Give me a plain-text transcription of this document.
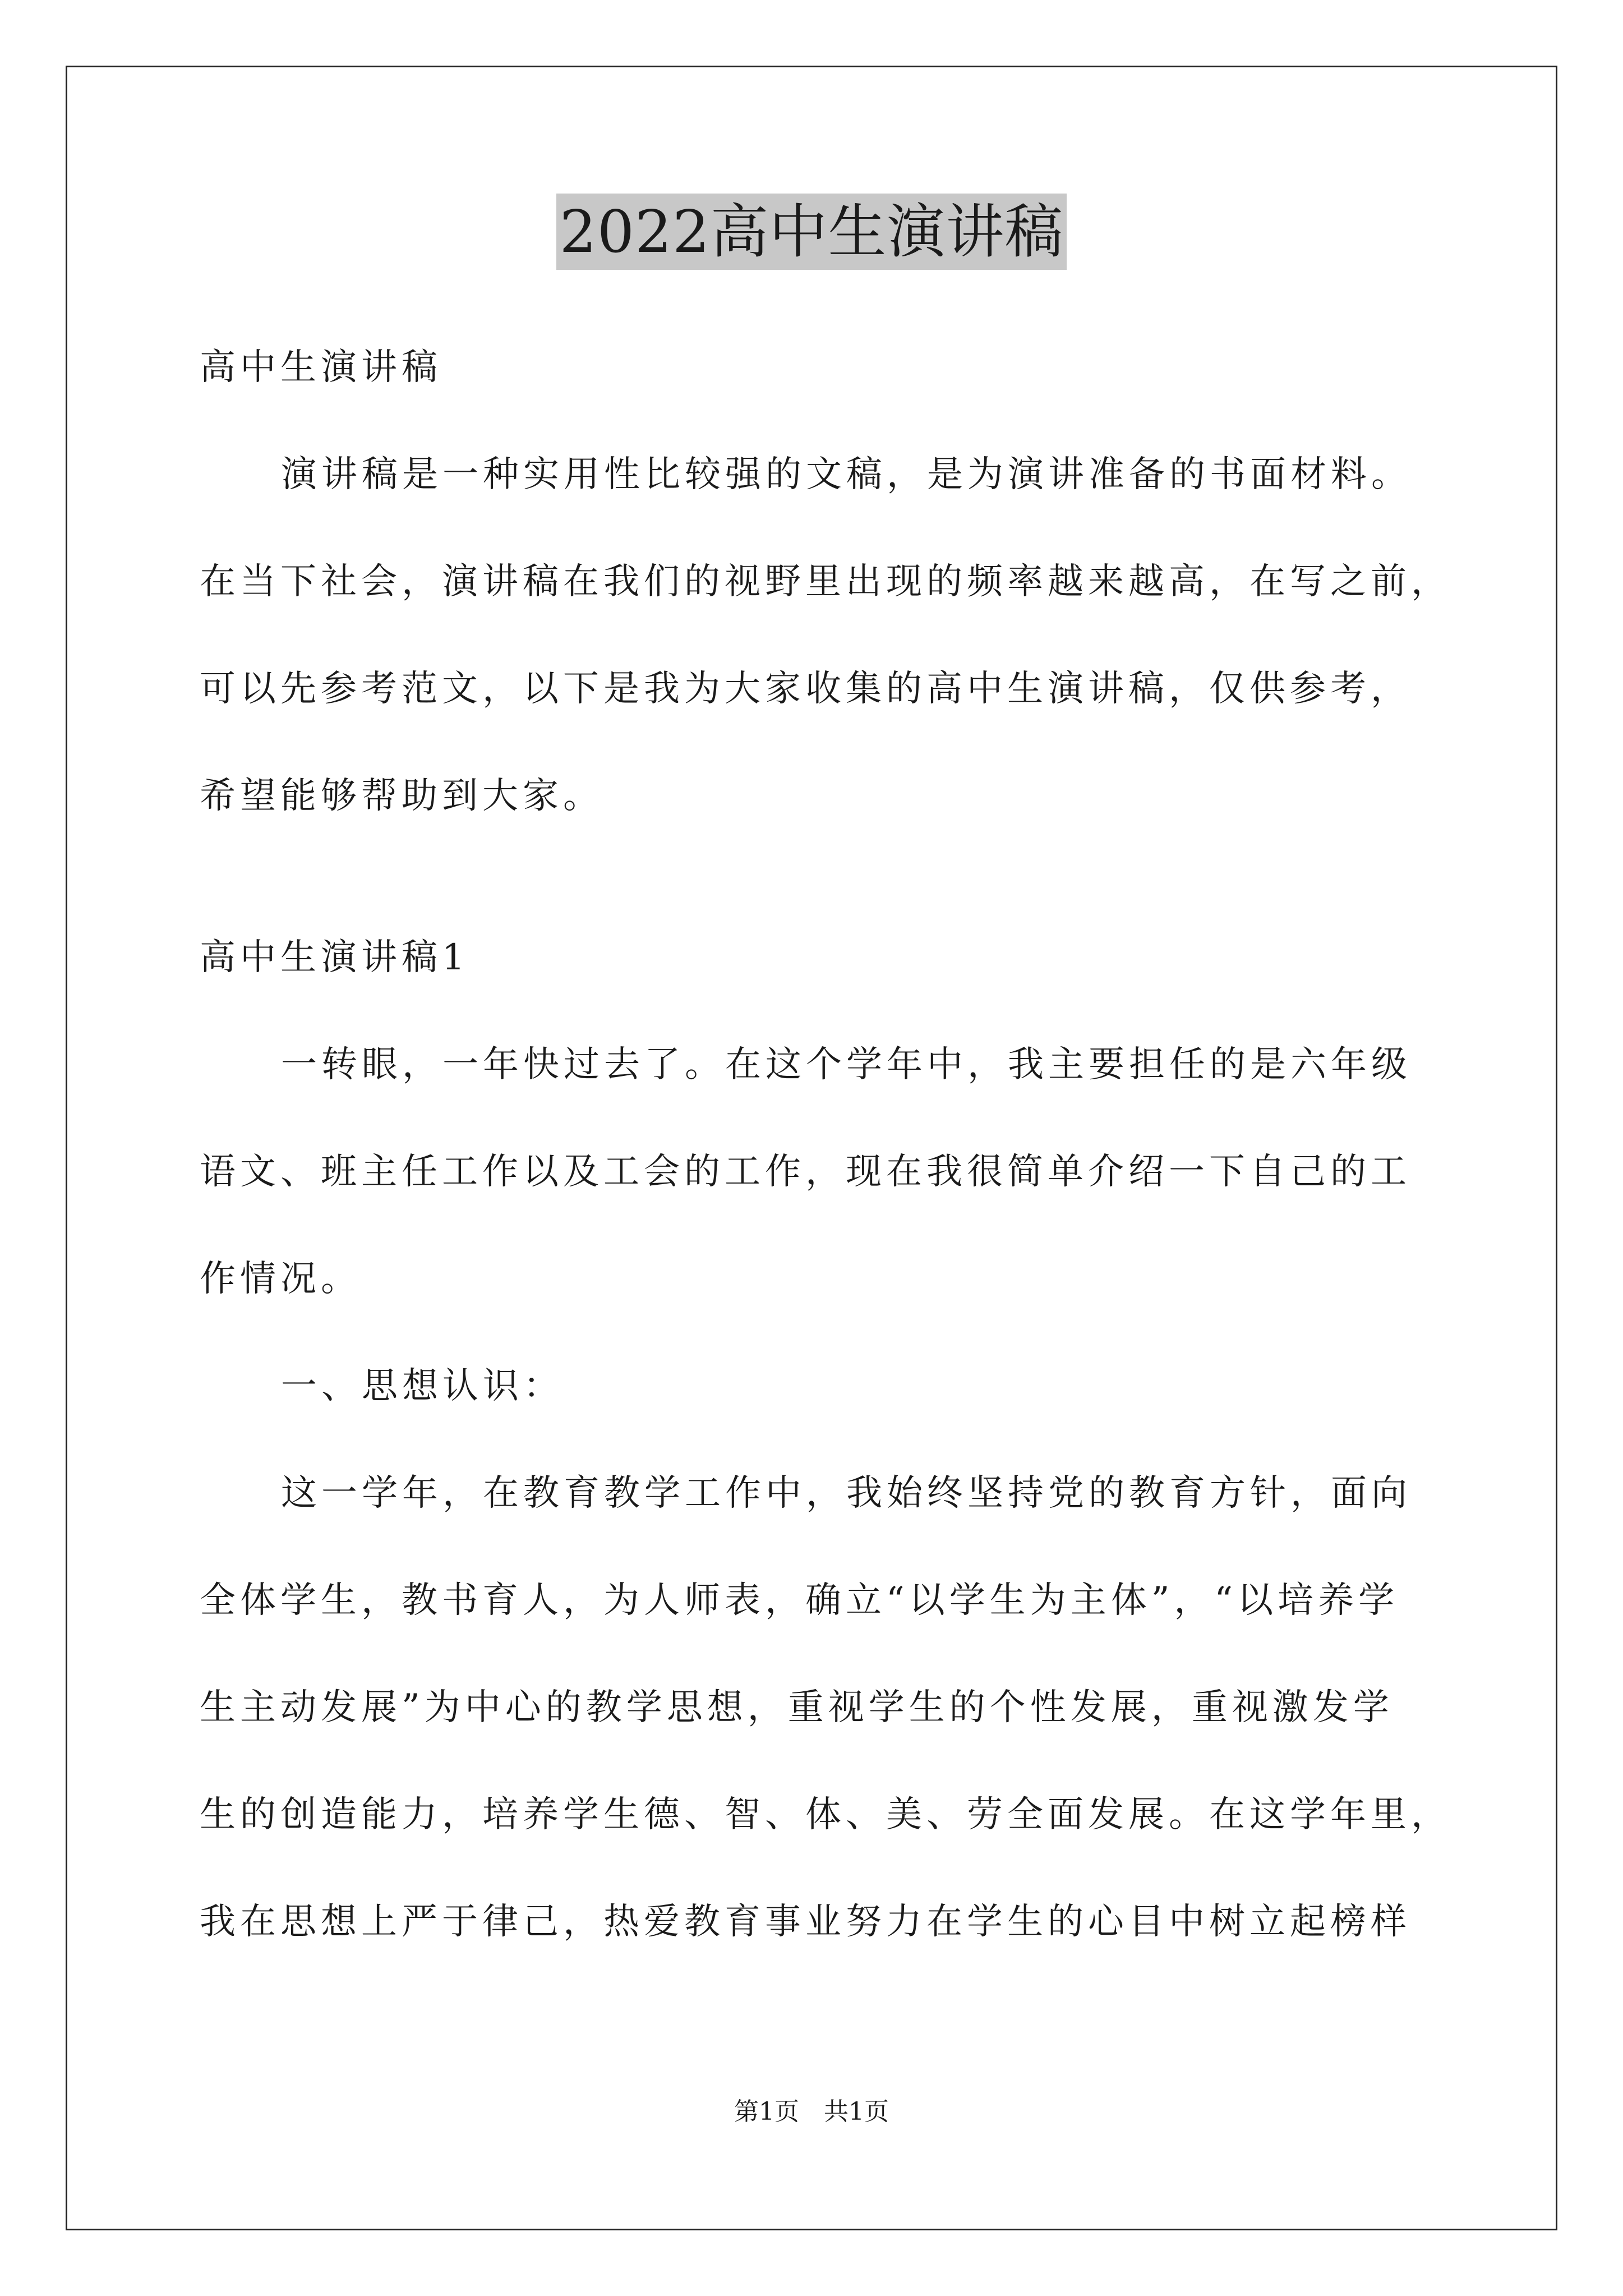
2022高中生演讲稿
高中生演讲稿
演讲稿是一种实用性比较强的文稿，是为演讲准备的书面材料。
在当下社会，演讲稿在我们的视野里出现的频率越来越高，在写之前，
可以先参考范文，以下是我为大家收集的高中生演讲稿，仅供参考，
希望能够帮助到大家。
高中生演讲稿1
一转眼，一年快过去了。在这个学年中，我主要担任的是六年级
语文、班主任工作以及工会的工作，现在我很简单介绍一下自己的工
作情况。
一、思想认识：
这一学年，在教育教学工作中，我始终坚持党的教育方针，面向
全体学生，教书育人，为人师表，确立“以学生为主体”，“以培养学
生主动发展”为中心的教学思想，重视学生的个性发展，重视激发学
生的创造能力，培养学生德、智、体、美、劳全面发展。在这学年里，
我在思想上严于律己，热爱教育事业努力在学生的心目中树立起榜样
第1页 共1页
